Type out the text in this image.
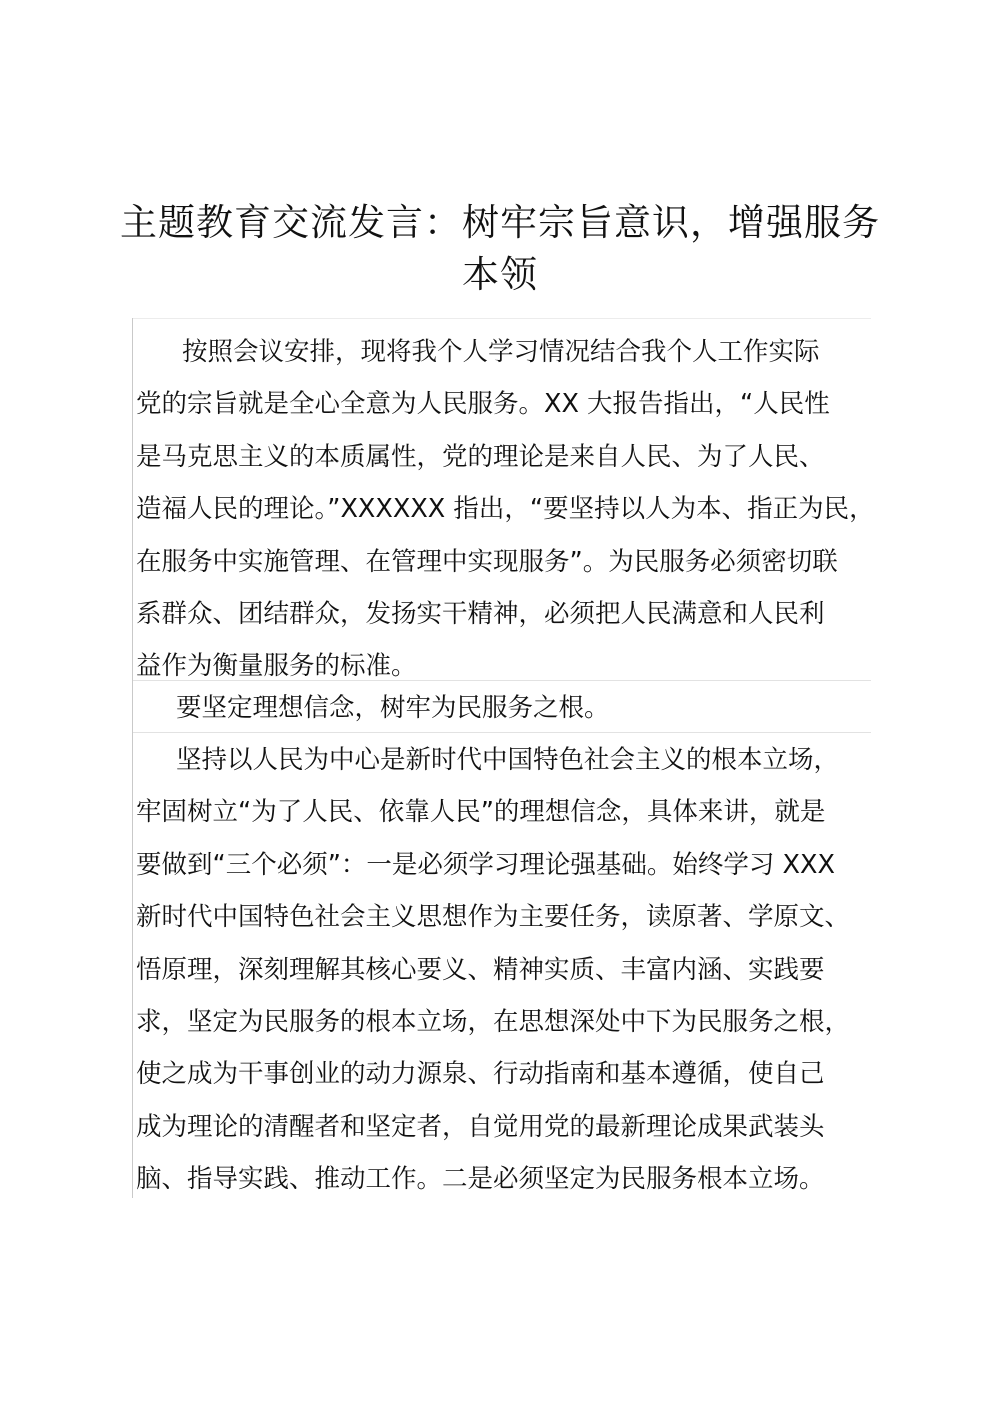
主题教育交流发言：树牢宗旨意识，增强服务
本领
按照会议安排，现将我个人学习情况结合我个人工作实际
党的宗旨就是全心全意为人民服务。XX 大报告指出，“人民性
是马克思主义的本质属性，党的理论是来自人民、为了人民、
造福人民的理论。”XXXXXX 指出，“要坚持以人为本、指正为民，
在服务中实施管理、在管理中实现服务”。为民服务必须密切联
系群众、团结群众，发扬实干精神，必须把人民满意和人民利
益作为衡量服务的标准。
要坚定理想信念，树牢为民服务之根。
坚持以人民为中心是新时代中国特色社会主义的根本立场，
牢固树立“为了人民、依靠人民”的理想信念，具体来讲，就是
要做到“三个必须”：一是必须学习理论强基础。始终学习 XXX
新时代中国特色社会主义思想作为主要任务，读原著、学原文、
悟原理，深刻理解其核心要义、精神实质、丰富内涵、实践要
求，坚定为民服务的根本立场，在思想深处中下为民服务之根，
使之成为干事创业的动力源泉、行动指南和基本遵循，使自己
成为理论的清醒者和坚定者，自觉用党的最新理论成果武装头
脑、指导实践、推动工作。二是必须坚定为民服务根本立场。
